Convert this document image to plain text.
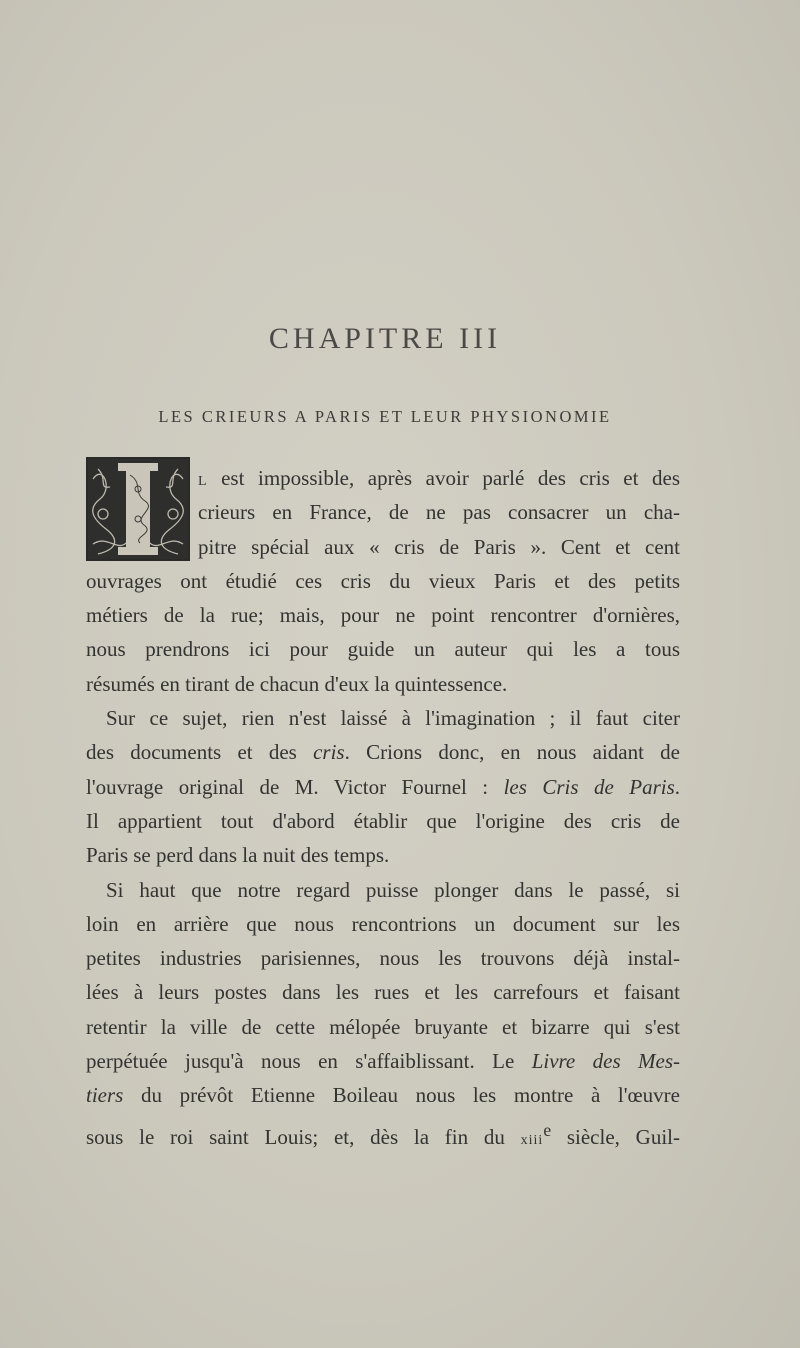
CHAPITRE III
LES CRIEURS A PARIS ET LEUR PHYSIONOMIE
L est impossible, après avoir parlé des cris et des
crieurs en France, de ne pas consacrer un cha-
pitre spécial aux « cris de Paris ». Cent et cent
ouvrages ont étudié ces cris du vieux Paris et des petits
métiers de la rue; mais, pour ne point rencontrer d'ornières,
nous prendrons ici pour guide un auteur qui les a tous
résumés en tirant de chacun d'eux la quintessence.
Sur ce sujet, rien n'est laissé à l'imagination ; il faut citer
des documents et des cris. Crions donc, en nous aidant de
l'ouvrage original de M. Victor Fournel : les Cris de Paris.
Il appartient tout d'abord établir que l'origine des cris de
Paris se perd dans la nuit des temps.
Si haut que notre regard puisse plonger dans le passé, si
loin en arrière que nous rencontrions un document sur les
petites industries parisiennes, nous les trouvons déjà instal-
lées à leurs postes dans les rues et les carrefours et faisant
retentir la ville de cette mélopée bruyante et bizarre qui s'est
perpétuée jusqu'à nous en s'affaiblissant. Le Livre des Mes-
tiers du prévôt Etienne Boileau nous les montre à l'œuvre
sous le roi saint Louis; et, dès la fin du xiii$^e$ siècle, Guil-
